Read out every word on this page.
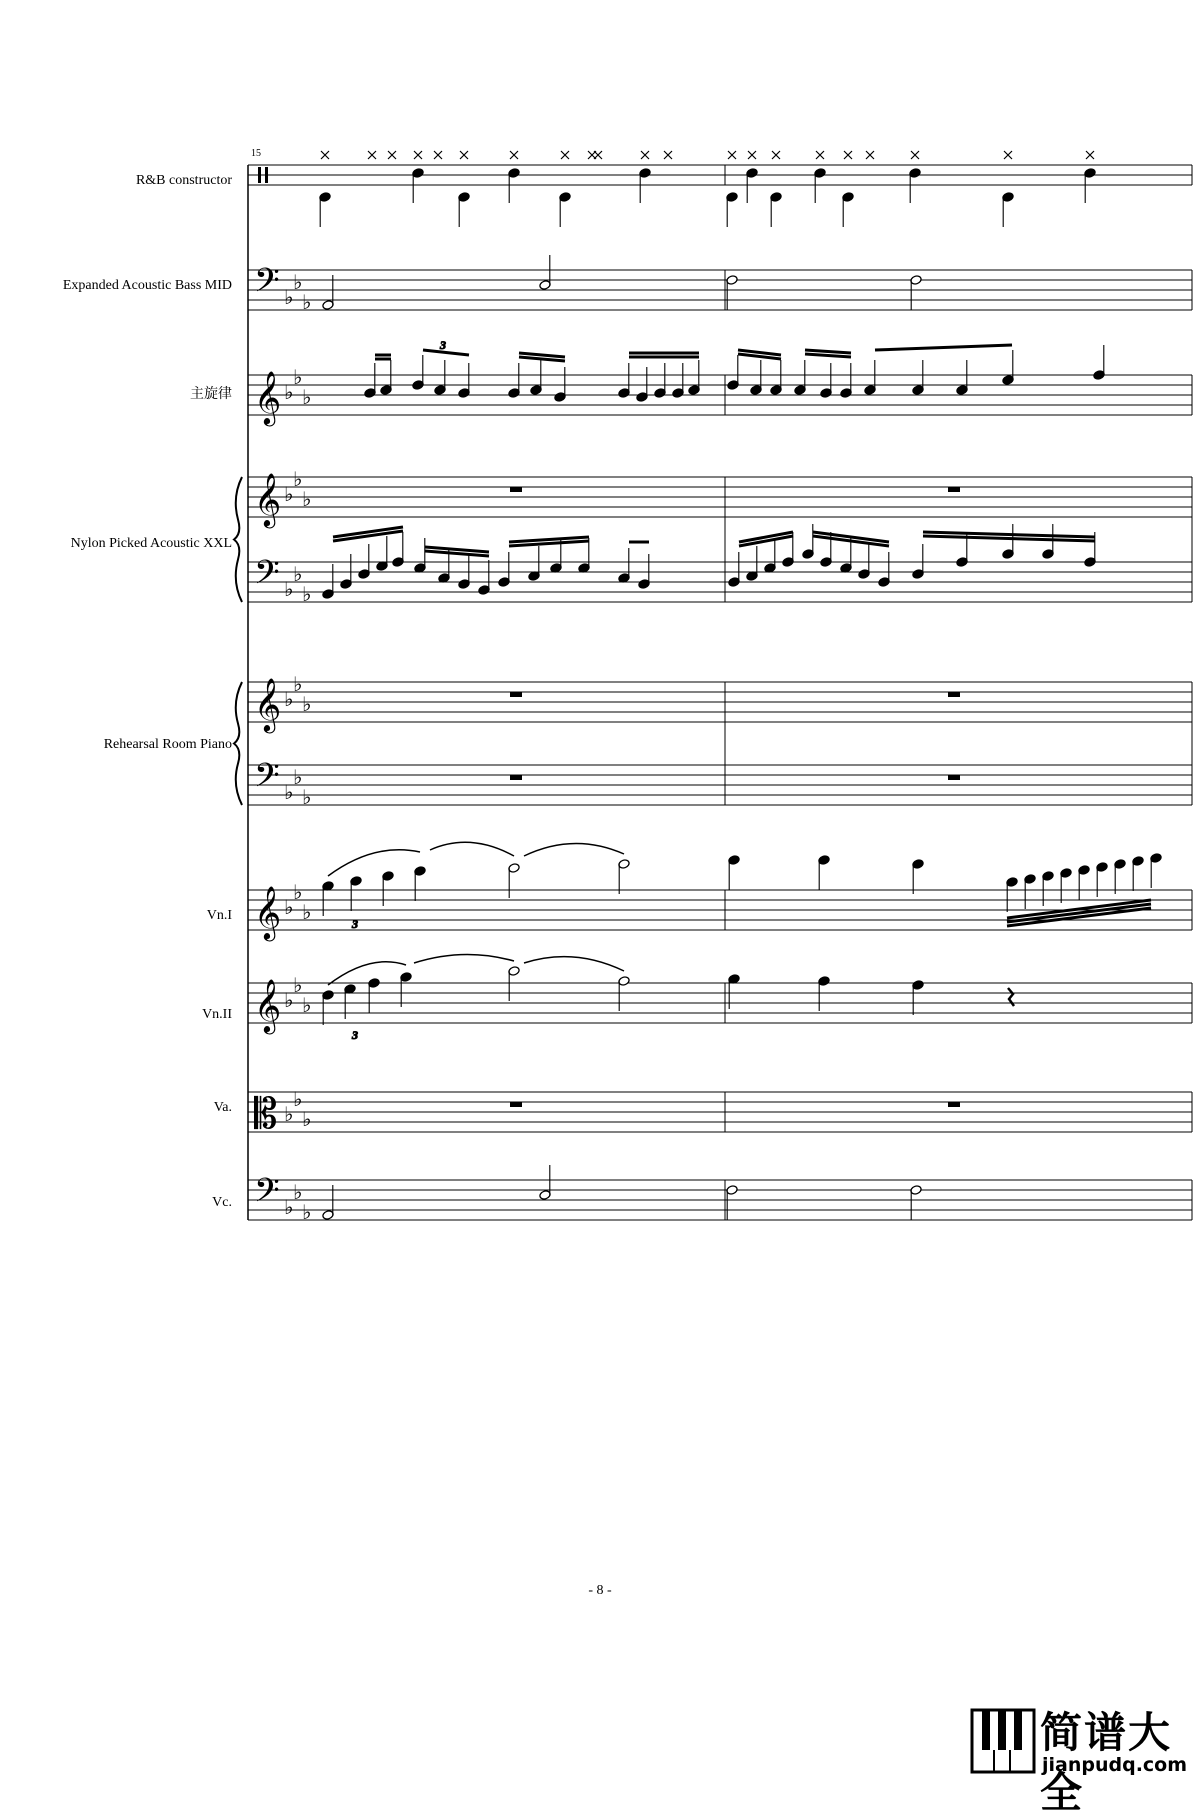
𝄢
𝄞
𝄞
𝄢
𝄞
𝄢
𝄞
𝄞
𝄡
𝄢
♭
♭
♭
♭
♭
♭
♭
♭
♭
♭
♭
♭
♭
♭
♭
♭
♭
♭
♭
♭
♭
♭
♭
♭
♭
♭
♭
♭
♭
♭
3
3
3
15
R&B constructor
Expanded Acoustic Bass MID
主旋律
Nylon Picked Acoustic XXL
Rehearsal Room Piano
Vn.I
Vn.II
Va.
Vc.
- 8 -
简谱大全
jianpudq.com
